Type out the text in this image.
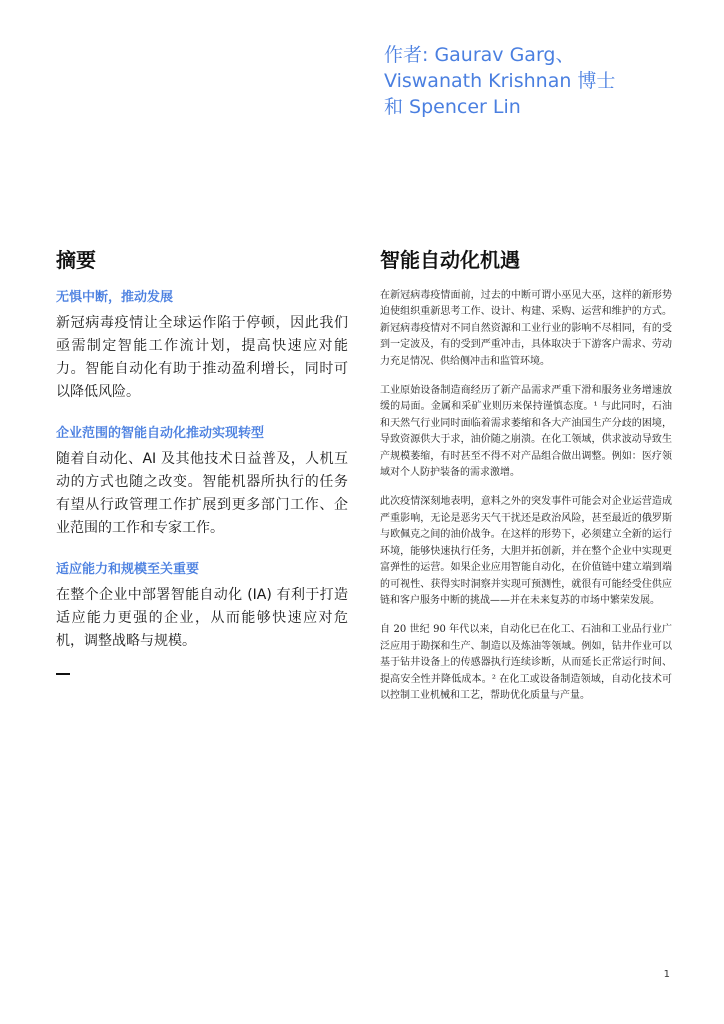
作者: Gaurav Garg、
Viswanath Krishnan 博士
和 Spencer Lin
摘要
无惧中断，推动发展
新冠病毒疫情让全球运作陷于停顿，因此我们亟需制定智能工作流计划，提高快速应对能力。智能自动化有助于推动盈利增长，同时可以降低风险。
企业范围的智能自动化推动实现转型
随着自动化、AI 及其他技术日益普及，人机互动的方式也随之改变。智能机器所执行的任务有望从行政管理工作扩展到更多部门工作、企业范围的工作和专家工作。
适应能力和规模至关重要
在整个企业中部署智能自动化 (IA) 有利于打造适应能力更强的企业，从而能够快速应对危机，调整战略与规模。
智能自动化机遇

在新冠病毒疫情面前，过去的中断可谓小巫见大巫，这样的新形势迫使组织重新思考工作、设计、构建、采购、运营和维护的方式。新冠病毒疫情对不同自然资源和工业行业的影响不尽相同，有的受到一定波及，有的受到严重冲击，具体取决于下游客户需求、劳动力充足情况、供给侧冲击和监管环境。

工业原始设备制造商经历了新产品需求严重下滑和服务业务增速放缓的局面。金属和采矿业则历来保持谨慎态度。¹ 与此同时，石油和天然气行业同时面临着需求萎缩和各大产油国生产分歧的困境，导致资源供大于求，油价随之崩溃。在化工领域，供求波动导致生产规模萎缩，有时甚至不得不对产品组合做出调整。例如：医疗领域对个人防护装备的需求激增。

此次疫情深刻地表明，意料之外的突发事件可能会对企业运营造成严重影响，无论是恶劣天气干扰还是政治风险，甚至最近的俄罗斯与欧佩克之间的油价战争。在这样的形势下，必须建立全新的运行环境，能够快速执行任务，大胆并拓创新，并在整个企业中实现更富弹性的运营。如果企业应用智能自动化，在价值链中建立端到端的可视性、获得实时洞察并实现可预测性，就很有可能经受住供应链和客户服务中断的挑战——并在未来复苏的市场中繁荣发展。

自 20 世纪 90 年代以来，自动化已在化工、石油和工业品行业广泛应用于勘探和生产、制造以及炼油等领域。例如，钻井作业可以基于钻井设备上的传感器执行连续诊断，从而延长正常运行时间、提高安全性并降低成本。² 在化工或设备制造领域，自动化技术可以控制工业机械和工艺，帮助优化质量与产量。

1
